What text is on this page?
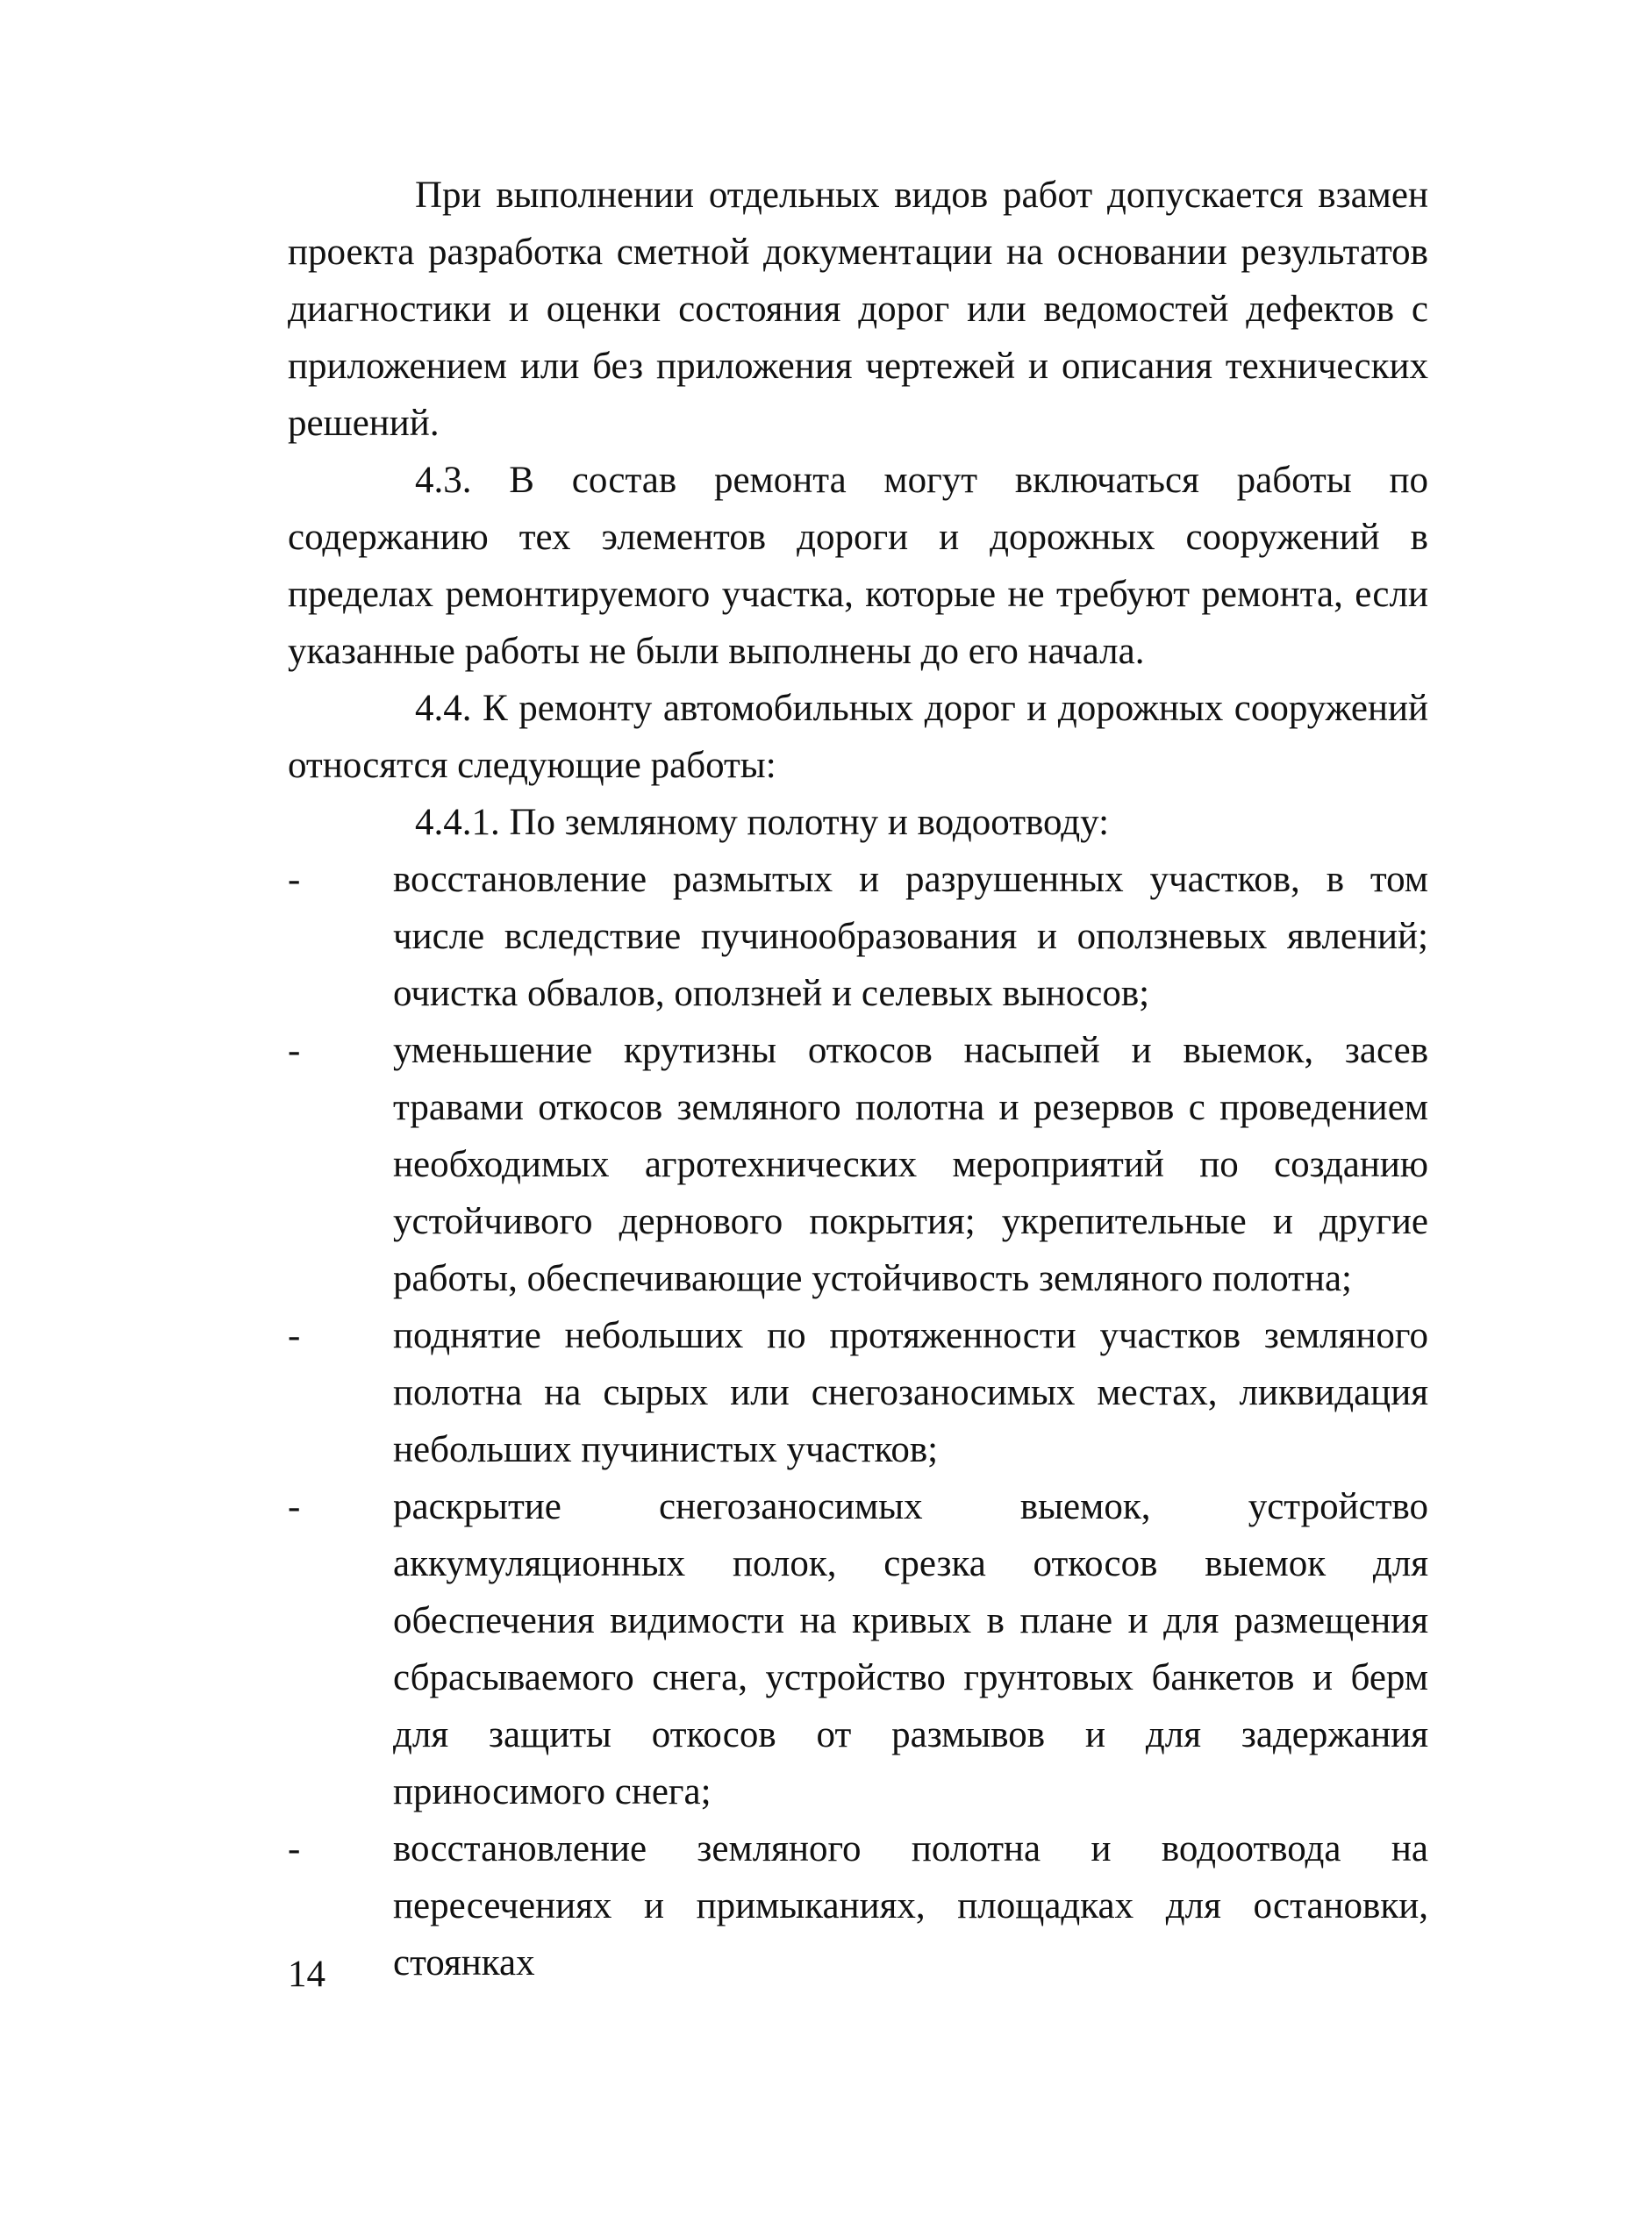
При выполнении отдельных видов работ допускается взамен проекта разработка сметной документации на основании результатов диагностики и оценки состояния дорог или ведомостей дефектов с приложением или без приложения чертежей и описания технических решений.

4.3. В состав ремонта могут включаться работы по содержанию тех элементов дороги и дорожных сооружений в пределах ремонтируемого участка, которые не требуют ремонта, если указанные работы не были выполнены до его начала.

4.4. К ремонту автомобильных дорог и дорожных сооружений относятся следующие работы:

4.4.1. По земляному полотну и водоотводу:

-	восстановление размытых и разрушенных участков, в том числе вследствие пучинообразования и оползневых явлений; очистка обвалов, оползней и селевых выносов;
-	уменьшение крутизны откосов насыпей и выемок, засев травами откосов земляного полотна и резервов с проведением необходимых агротехнических мероприятий по созданию устойчивого дернового покрытия; укрепительные и другие работы, обеспечивающие устойчивость земляного полотна;
-	поднятие небольших по протяженности участков земляного полотна на сырых или снегозаносимых местах, ликвидация небольших пучинистых участков;
-	раскрытие снегозаносимых выемок, устройство аккумуляционных полок, срезка откосов выемок для обеспечения видимости на кривых в плане и для размещения сбрасываемого снега, устройство грунтовых банкетов и берм для защиты откосов от размывов и для задержания приносимого снега;
-	восстановление земляного полотна и водоотвода на пересечениях и примыканиях, площадках для остановки, стоянках
14
